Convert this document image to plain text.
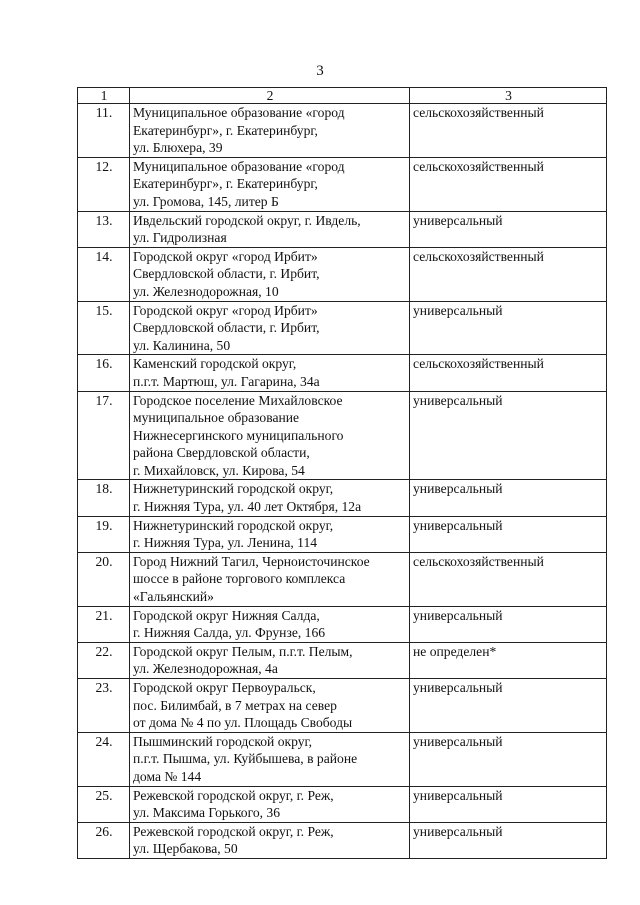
3
1	2	3
11.	Муниципальное образование «город
Екатеринбург», г. Екатеринбург,
ул. Блюхера, 39	сельскохозяйственный
12.	Муниципальное образование «город
Екатеринбург», г. Екатеринбург,
ул. Громова, 145, литер Б	сельскохозяйственный
13.	Ивдельский городской округ, г. Ивдель,
ул. Гидролизная	универсальный
14.	Городской округ «город Ирбит»
Свердловской области, г. Ирбит,
ул. Железнодорожная, 10	сельскохозяйственный
15.	Городской округ «город Ирбит»
Свердловской области, г. Ирбит,
ул. Калинина, 50	универсальный
16.	Каменский городской округ,
п.г.т. Мартюш, ул. Гагарина, 34а	сельскохозяйственный
17.	Городское поселение Михайловское
муниципальное образование
Нижнесергинского муниципального
района Свердловской области,
г. Михайловск, ул. Кирова, 54	универсальный
18.	Нижнетуринский городской округ,
г. Нижняя Тура, ул. 40 лет Октября, 12а	универсальный
19.	Нижнетуринский городской округ,
г. Нижняя Тура, ул. Ленина, 114	универсальный
20.	Город Нижний Тагил, Черноисточинское
шоссе в районе торгового комплекса
«Гальянский»	сельскохозяйственный
21.	Городской округ Нижняя Салда,
г. Нижняя Салда, ул. Фрунзе, 166	универсальный
22.	Городской округ Пелым, п.г.т. Пелым,
ул. Железнодорожная, 4а	не определен*
23.	Городской округ Первоуральск,
пос. Билимбай, в 7 метрах на север
от дома № 4 по ул. Площадь Свободы	универсальный
24.	Пышминский городской округ,
п.г.т. Пышма, ул. Куйбышева, в районе
дома № 144	универсальный
25.	Режевской городской округ, г. Реж,
ул. Максима Горького, 36	универсальный
26.	Режевской городской округ, г. Реж,
ул. Щербакова, 50	универсальный
